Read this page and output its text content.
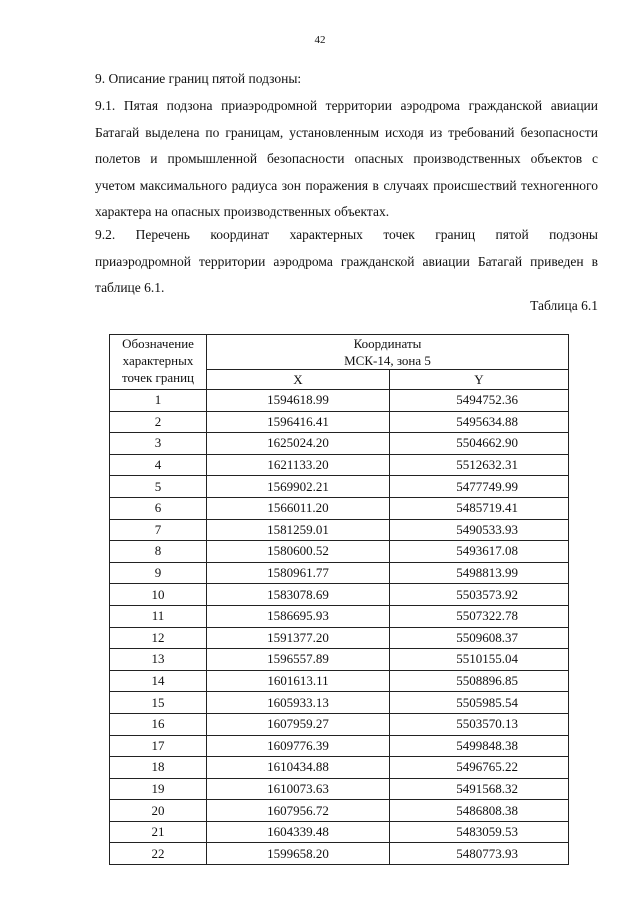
42

9. Описание границ пятой подзоны:

9.1. Пятая подзона приаэродромной территории аэродрома гражданской авиации
Батагай выделена по границам, установленным исходя из требований безопасности
полетов и промышленной безопасности опасных производственных объектов с
учетом максимального радиуса зон поражения в случаях происшествий техногенного
характера на опасных производственных объектах.
9.2. Перечень координат характерных точек границ пятой подзоны
приаэродромной территории аэродрома гражданской авиации Батагай приведен в
таблице 6.1.
Таблица 6.1
Обозначение
характерных
точек границ	Координаты
МСК-14, зона 5	
	X	Y
1	1594618.99	5494752.36
2	1596416.41	5495634.88
3	1625024.20	5504662.90
4	1621133.20	5512632.31
5	1569902.21	5477749.99
6	1566011.20	5485719.41
7	1581259.01	5490533.93
8	1580600.52	5493617.08
9	1580961.77	5498813.99
10	1583078.69	5503573.92
11	1586695.93	5507322.78
12	1591377.20	5509608.37
13	1596557.89	5510155.04
14	1601613.11	5508896.85
15	1605933.13	5505985.54
16	1607959.27	5503570.13
17	1609776.39	5499848.38
18	1610434.88	5496765.22
19	1610073.63	5491568.32
20	1607956.72	5486808.38
21	1604339.48	5483059.53
22	1599658.20	5480773.93
